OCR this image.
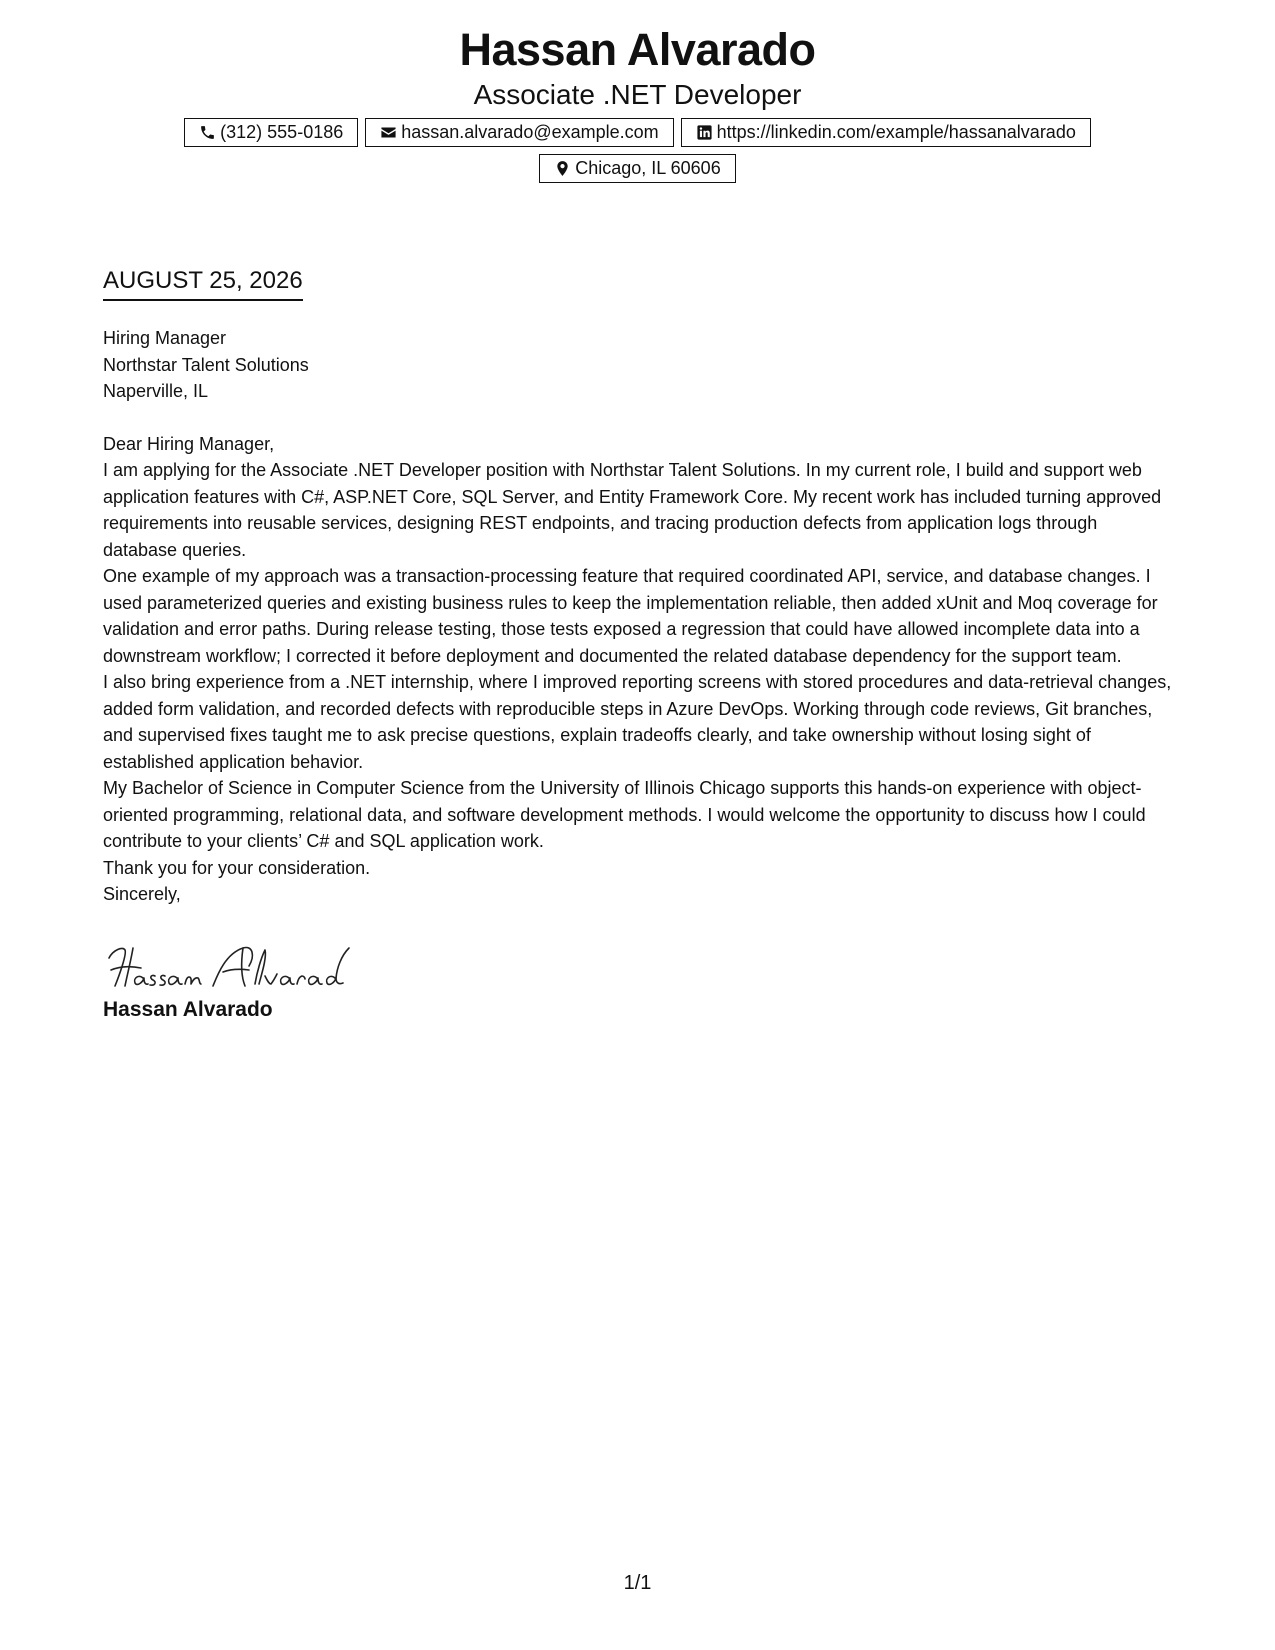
Hassan Alvarado

Associate .NET Developer

(312) 555-0186	hassan.alvarado@example.com	https://linkedin.com/example/hassanalvarado
Chicago, IL 60606
AUGUST 25, 2026

Hiring Manager

Northstar Talent Solutions

Naperville, IL

Dear Hiring Manager,

I am applying for the Associate .NET Developer position with Northstar Talent Solutions. In my current role, I build and support web application features with C#, ASP.NET Core, SQL Server, and Entity Framework Core. My recent work has included turning approved requirements into reusable services, designing REST endpoints, and tracing production defects from application logs through database queries.

One example of my approach was a transaction-processing feature that required coordinated API, service, and database changes. I used parameterized queries and existing business rules to keep the implementation reliable, then added xUnit and Moq coverage for validation and error paths. During release testing, those tests exposed a regression that could have allowed incomplete data into a downstream workflow; I corrected it before deployment and documented the related database dependency for the support team.

I also bring experience from a .NET internship, where I improved reporting screens with stored procedures and data-retrieval changes, added form validation, and recorded defects with reproducible steps in Azure DevOps. Working through code reviews, Git branches, and supervised fixes taught me to ask precise questions, explain tradeoffs clearly, and take ownership without losing sight of established application behavior.

My Bachelor of Science in Computer Science from the University of Illinois Chicago supports this hands-on experience with object-oriented programming, relational data, and software development methods. I would welcome the opportunity to discuss how I could contribute to your clients’ C# and SQL application work.

Thank you for your consideration.

Sincerely,

Hassan Alvarado

1/1
